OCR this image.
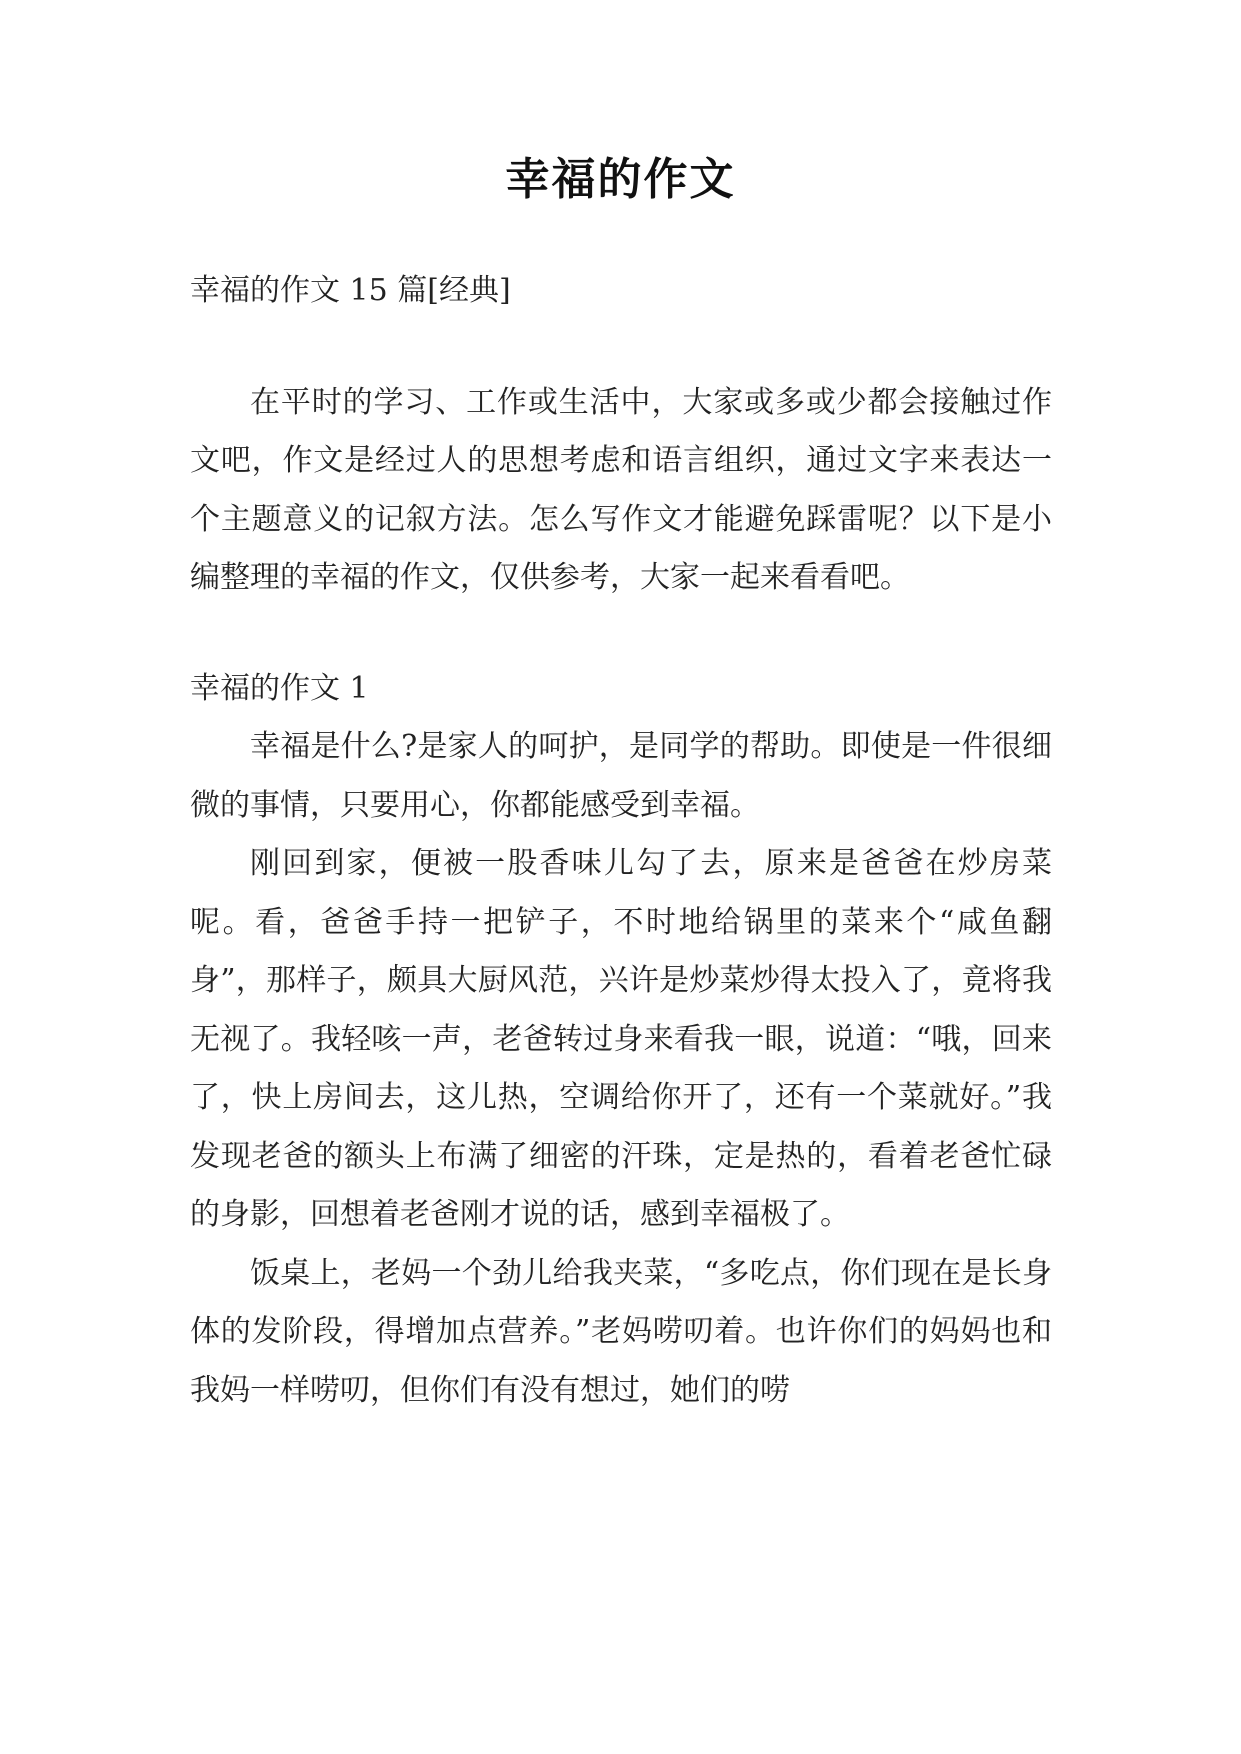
幸福的作文

幸福的作文 15 篇[经典]

在平时的学习、工作或生活中，大家或多或少都会接触过作文吧，作文是经过人的思想考虑和语言组织，通过文字来表达一个主题意义的记叙方法。怎么写作文才能避免踩雷呢？以下是小编整理的幸福的作文，仅供参考，大家一起来看看吧。

幸福的作文 1

幸福是什么?是家人的呵护，是同学的帮助。即使是一件很细微的事情，只要用心，你都能感受到幸福。

刚回到家，便被一股香味儿勾了去，原来是爸爸在炒房菜呢。看，爸爸手持一把铲子，不时地给锅里的菜来个“咸鱼翻身”，那样子，颇具大厨风范，兴许是炒菜炒得太投入了，竟将我无视了。我轻咳一声，老爸转过身来看我一眼，说道：“哦，回来了，快上房间去，这儿热，空调给你开了，还有一个菜就好。”我发现老爸的额头上布满了细密的汗珠，定是热的，看着老爸忙碌的身影，回想着老爸刚才说的话，感到幸福极了。

饭桌上，老妈一个劲儿给我夹菜，“多吃点，你们现在是长身体的发阶段，得增加点营养。”老妈唠叨着。也许你们的妈妈也和我妈一样唠叨，但你们有没有想过，她们的唠
